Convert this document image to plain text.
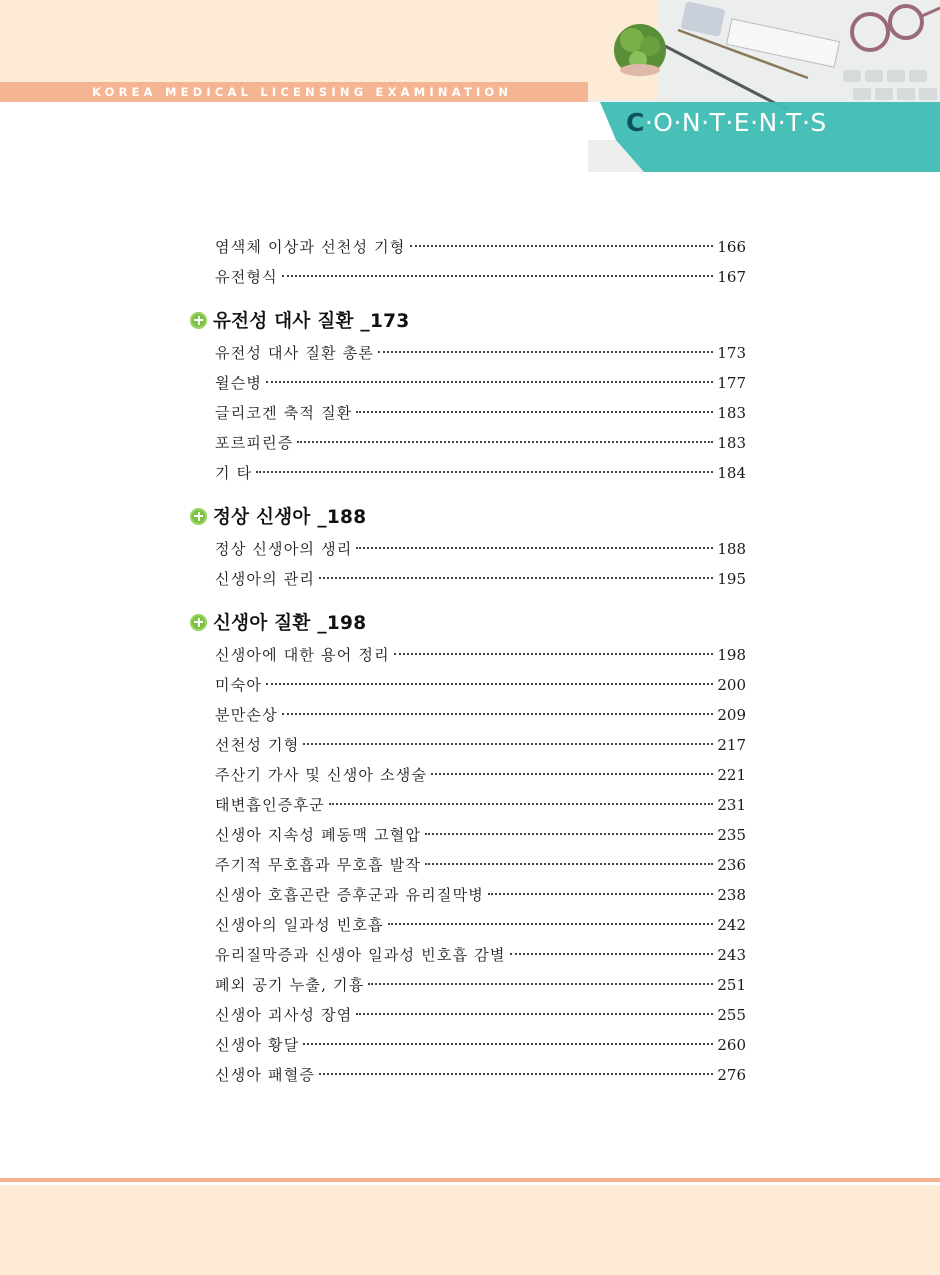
KOREA MEDICAL LICENSING EXAMINATION
C·O·N·T·E·N·T·S
염색체 이상과 선천성 기형	166
유전형식	167
유전성 대사 질환 _173
유전성 대사 질환 총론	173
윌슨병	177
글리코겐 축적 질환	183
포르피린증	183
기 타	184
정상 신생아 _188
정상 신생아의 생리	188
신생아의 관리	195
신생아 질환 _198
신생아에 대한 용어 정리	198
미숙아	200
분만손상	209
선천성 기형	217
주산기 가사 및 신생아 소생술	221
태변흡인증후군	231
신생아 지속성 폐동맥 고혈압	235
주기적 무호흡과 무호흡 발작	236
신생아 호흡곤란 증후군과 유리질막병	238
신생아의 일과성 빈호흡	242
유리질막증과 신생아 일과성 빈호흡 감별	243
폐외 공기 누출, 기흉	251
신생아 괴사성 장염	255
신생아 황달	260
신생아 패혈증	276
